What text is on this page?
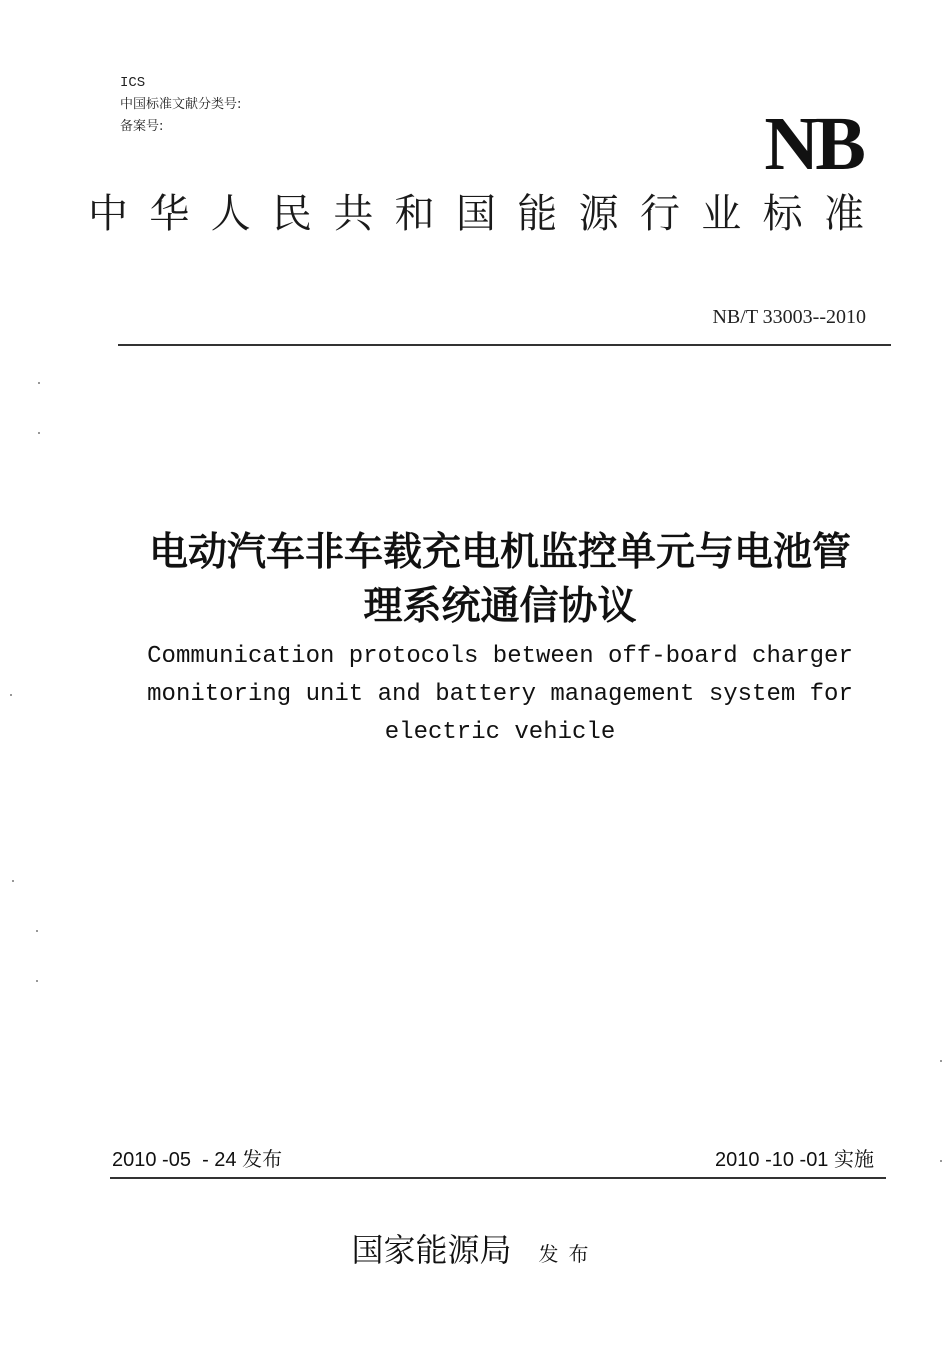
ICS
中国标准文献分类号:
备案号:	NB
中 华 人 民 共 和 国 能 源 行 业 标 准
NB/T 33003--2010
电动汽车非车载充电机监控单元与电池管
理系统通信协议
Communication protocols between off-board charger
monitoring unit and battery management system for
electric vehicle
2010 -05  - 24 发布	2010 -10 -01 实施
国家能源局 发布
